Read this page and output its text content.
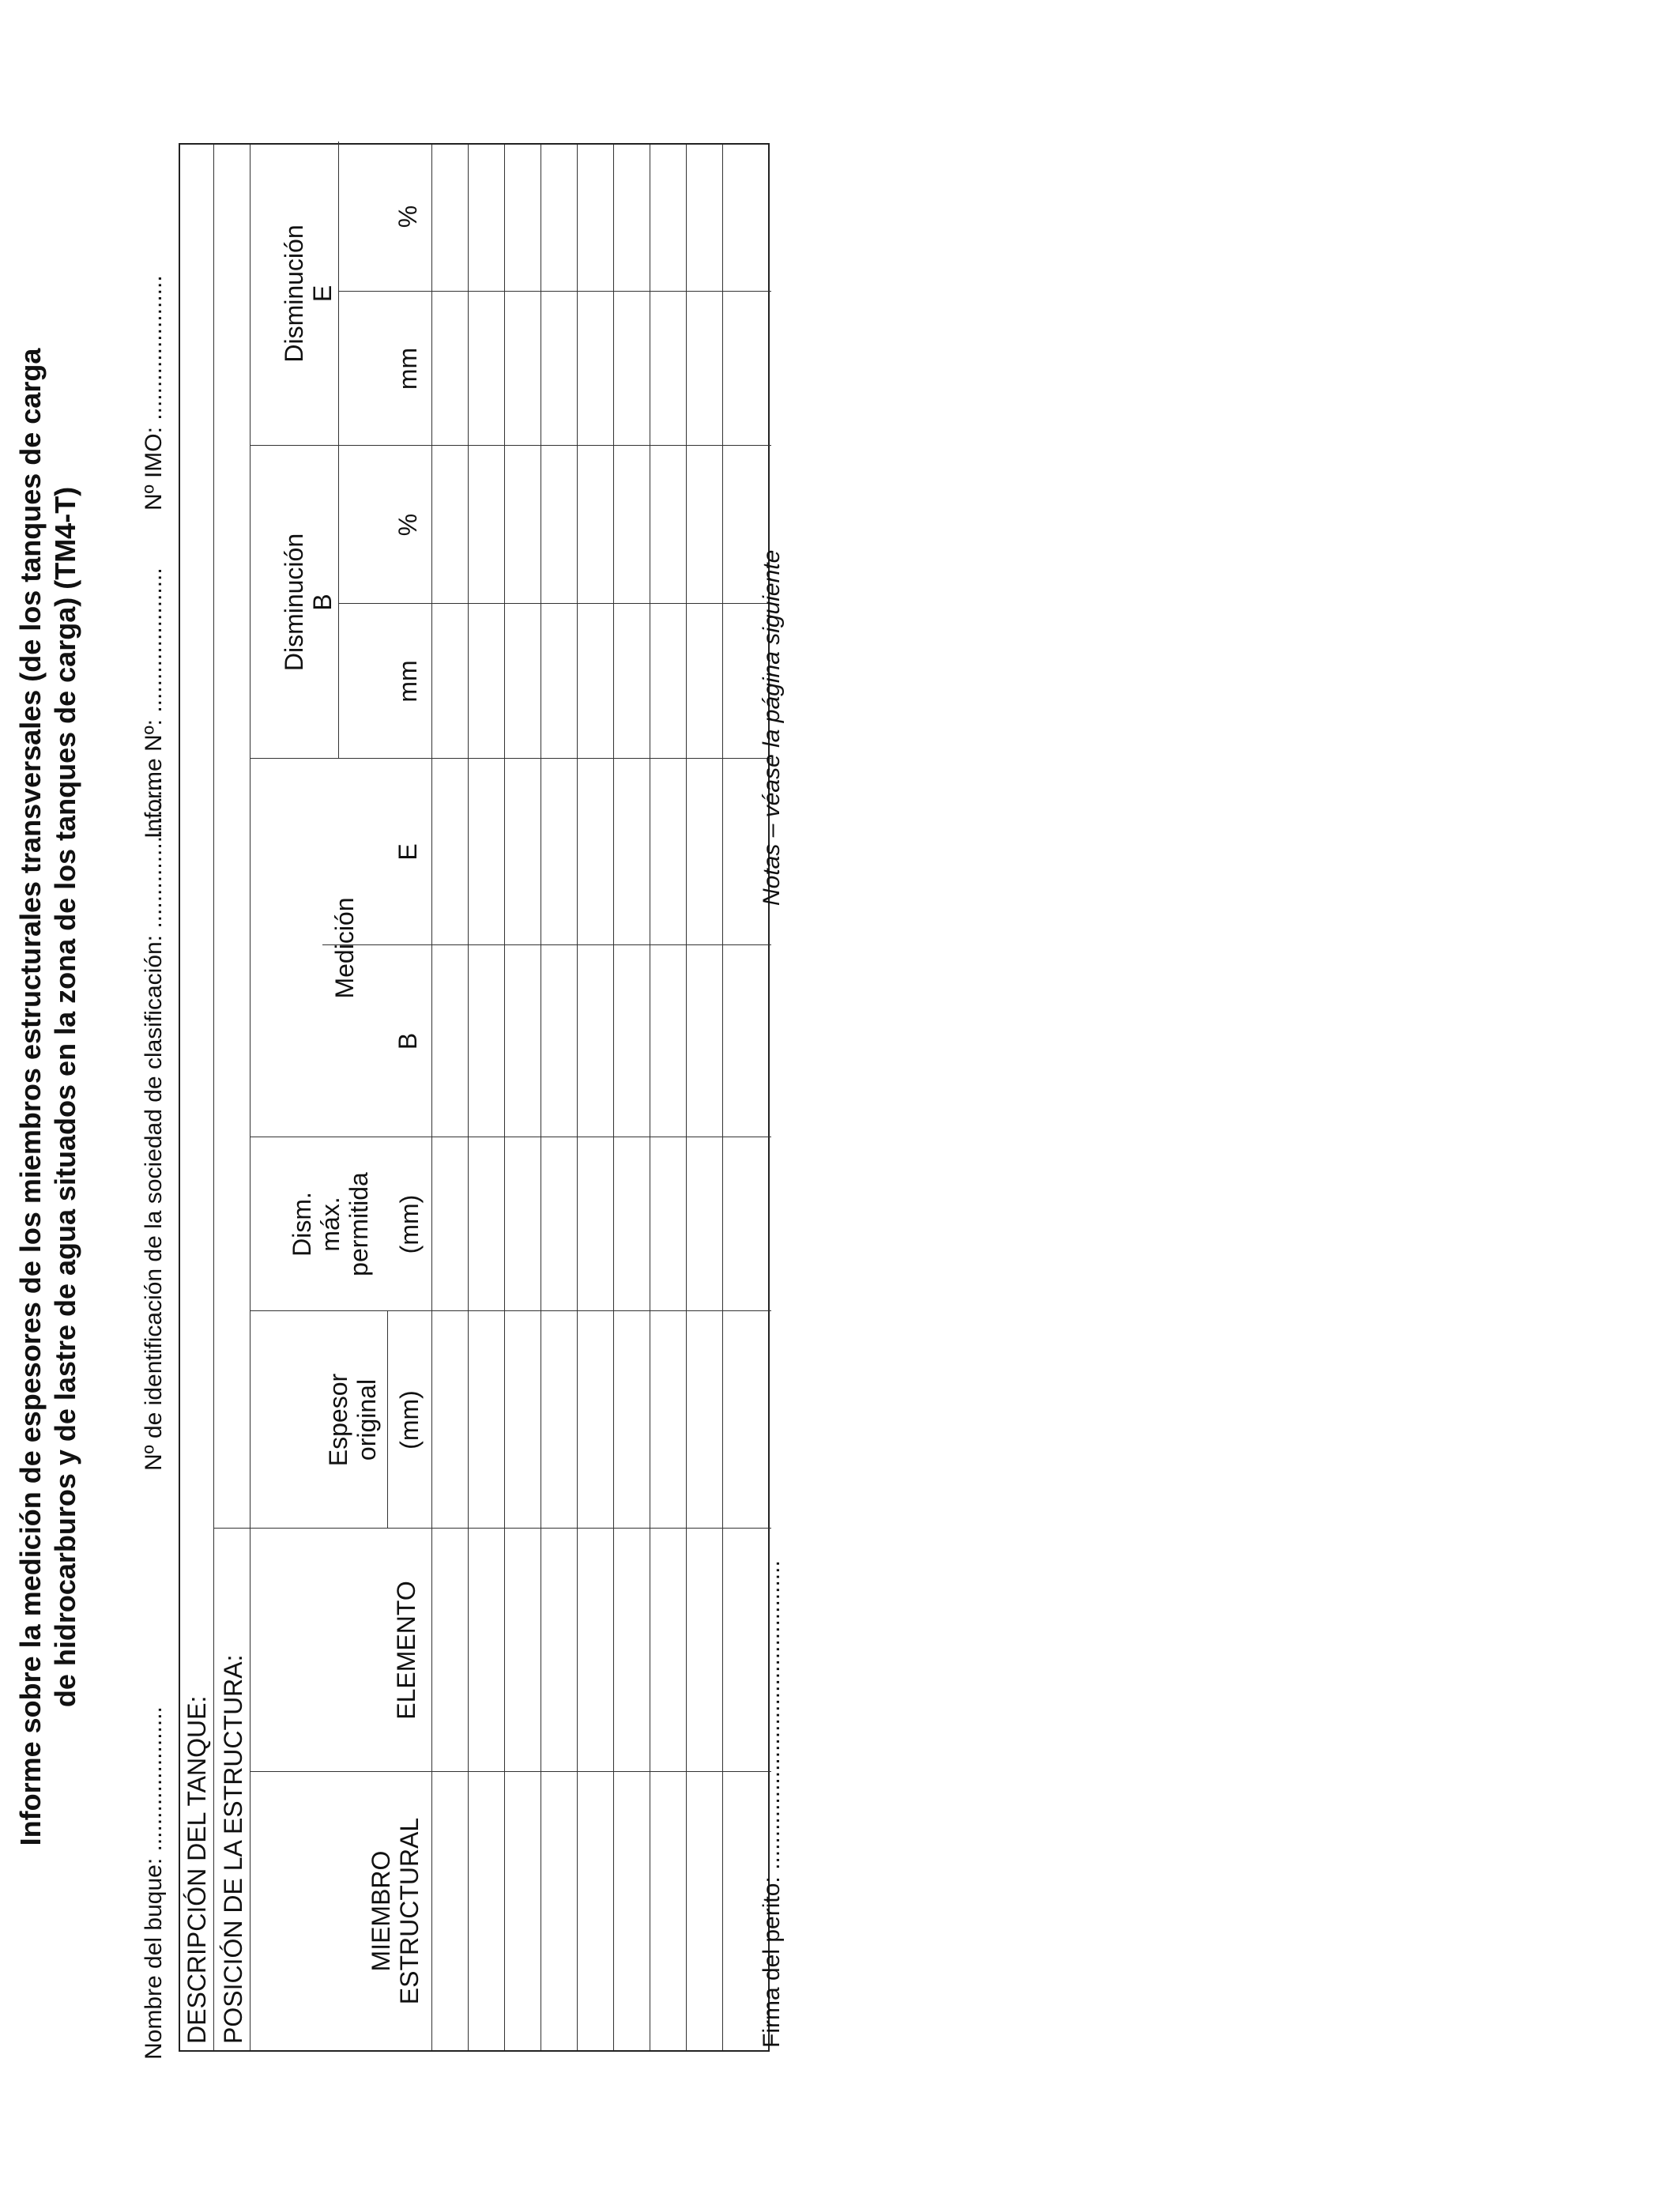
Informe sobre la medición de espesores de los miembros estructurales transversales (de los tanques de carga de hidrocarburos y de lastre de agua situados en la zona de los tanques de carga) (TM4-T)
Nombre del buque: ......................
Nº de identificación de la sociedad de clasificación: .......................
Informe Nº: ......................
Nº IMO: ......................
DESCRIPCIÓN DEL TANQUE: POSICIÓN DE LA ESTRUCTURA:	MIEMBRO ESTRUCTURAL
ELEMENTO
Espesor original (mm)
Dism. máx. permitida (mm)
Medición
B
E
Disminución B
mm
%
Disminución E
mm
%
Firma del perito: ...............................................
Notas – véase la página siguiente
